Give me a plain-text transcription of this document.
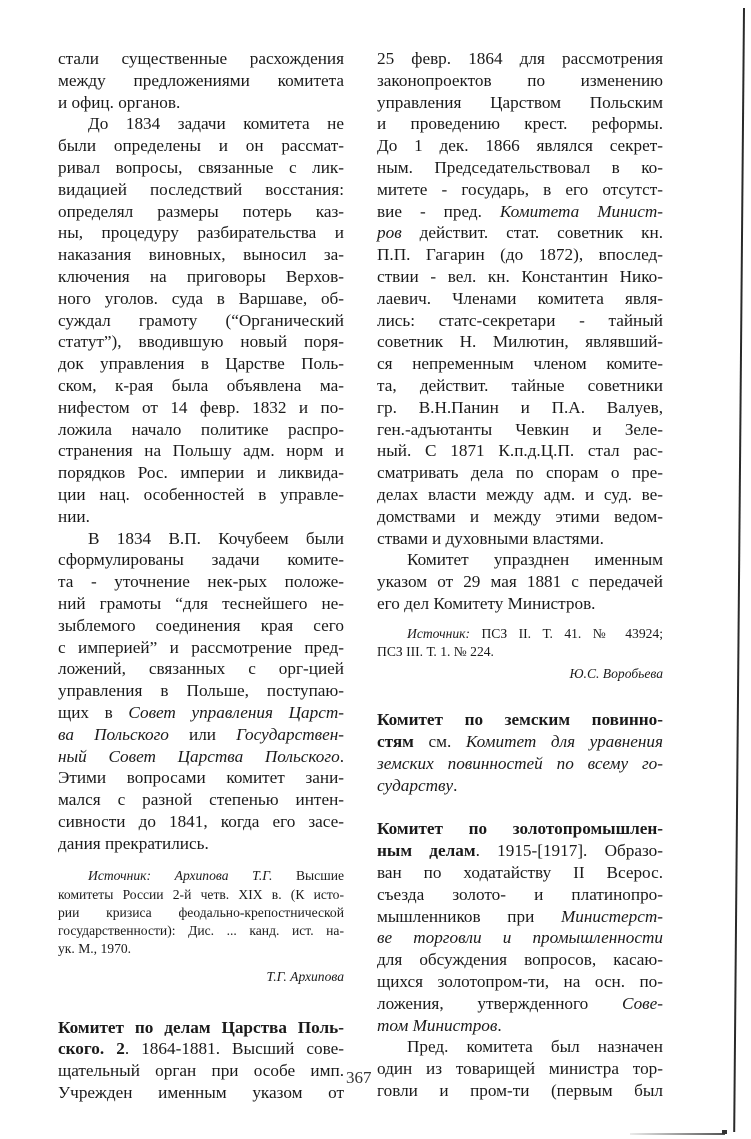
стали существенные расхождения
между предложениями комитета
и офиц. органов.
До 1834 задачи комитета не
были определены и он рассмат-
ривал вопросы, связанные с лик-
видацией последствий восстания:
определял размеры потерь каз-
ны, процедуру разбирательства и
наказания виновных, выносил за-
ключения на приговоры Верхов-
ного уголов. суда в Варшаве, об-
суждал грамоту (“Органический
статут”), вводившую новый поря-
док управления в Царстве Поль-
ском, к-рая была объявлена ма-
нифестом от 14 февр. 1832 и по-
ложила начало политике распро-
странения на Польшу адм. норм и
порядков Рос. империи и ликвида-
ции нац. особенностей в управле-
нии.
В 1834 В.П. Кочубеем были
сформулированы задачи комите-
та - уточнение нек-рых положе-
ний грамоты “для теснейшего не-
зыблемого соединения края сего
с империей” и рассмотрение пред-
ложений, связанных с орг-цией
управления в Польше, поступаю-
щих в Совет управления Царст-
ва Польского или Государствен-
ный Совет Царства Польского.
Этими вопросами комитет зани-
мался с разной степенью интен-
сивности до 1841, когда его засе-
дания прекратились.
Источник: Архипова Т.Г. Высшие
комитеты России 2-й четв. XIX в. (К исто-
рии кризиса феодально-крепостнической
государственности): Дис. ... канд. ист. на-
ук. М., 1970.
Т.Г. Архипова
Комитет по делам Царства Поль-
ского. 2. 1864-1881. Высший сове-
щательный орган при особе имп.
Учрежден именным указом от
25 февр. 1864 для рассмотрения
законопроектов по изменению
управления Царством Польским
и проведению крест. реформы.
До 1 дек. 1866 являлся секрет-
ным. Председательствовал в ко-
митете - государь, в его отсутст-
вие - пред. Комитета Минист-
ров действит. стат. советник кн.
П.П. Гагарин (до 1872), впослед-
ствии - вел. кн. Константин Нико-
лаевич. Членами комитета явля-
лись: статс-секретари - тайный
советник Н. Милютин, являвший-
ся непременным членом комите-
та, действит. тайные советники
гр. В.Н.Панин и П.А. Валуев,
ген.-адъютанты Чевкин и Зеле-
ный. С 1871 К.п.д.Ц.П. стал рас-
сматривать дела по спорам о пре-
делах власти между адм. и суд. ве-
домствами и между этими ведом-
ствами и духовными властями.
Комитет упразднен именным
указом от 29 мая 1881 с передачей
его дел Комитету Министров.
Источник: ПСЗ II. Т. 41. № 43924;
ПСЗ III. Т. 1. № 224.
Ю.С. Воробьева
Комитет по земским повинно-
стям см. Комитет для уравнения
земских повинностей по всему го-
сударству.
Комитет по золотопромышлен-
ным делам. 1915-[1917]. Образо-
ван по ходатайству II Всерос.
съезда золото- и платинопро-
мышленников при Министерст-
ве торговли и промышленности
для обсуждения вопросов, касаю-
щихся золотопром-ти, на осн. по-
ложения, утвержденного Сове-
том Министров.
Пред. комитета был назначен
один из товарищей министра тор-
говли и пром-ти (первым был
367
